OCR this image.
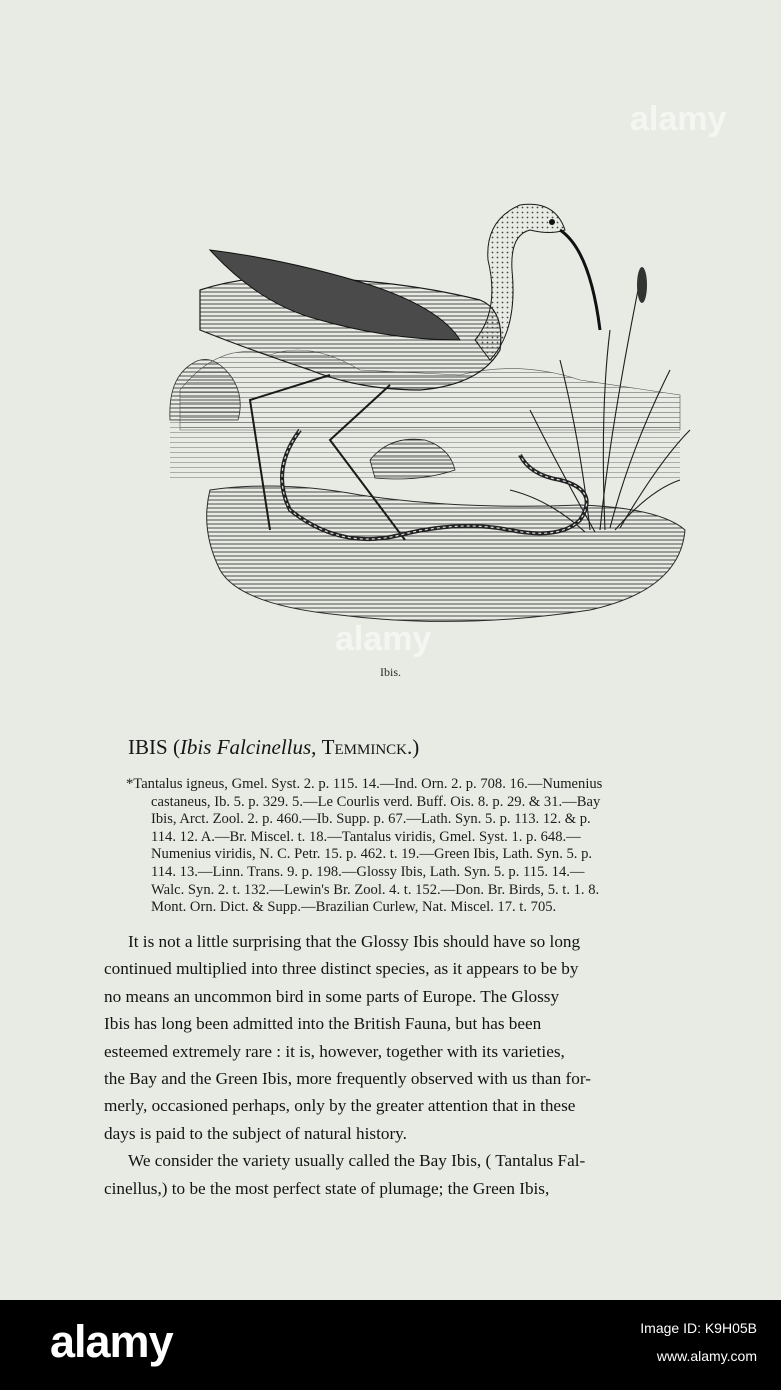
Ibis.
IBIS (Ibis Falcinellus, Temminck.)
*Tantalus igneus, Gmel. Syst. 2. p. 115. 14.—Ind. Orn. 2. p. 708. 16.—Numenius
castaneus, Ib. 5. p. 329. 5.—Le Courlis verd. Buff. Ois. 8. p. 29. & 31.—Bay
Ibis, Arct. Zool. 2. p. 460.—Ib. Supp. p. 67.—Lath. Syn. 5. p. 113. 12. & p.
114. 12. A.—Br. Miscel. t. 18.—Tantalus viridis, Gmel. Syst. 1. p. 648.—
Numenius viridis, N. C. Petr. 15. p. 462. t. 19.—Green Ibis, Lath. Syn. 5. p.
114. 13.—Linn. Trans. 9. p. 198.—Glossy Ibis, Lath. Syn. 5. p. 115. 14.—
Walc. Syn. 2. t. 132.—Lewin's Br. Zool. 4. t. 152.—Don. Br. Birds, 5. t. 1. 8.
Mont. Orn. Dict. & Supp.—Brazilian Curlew, Nat. Miscel. 17. t. 705.
It is not a little surprising that the Glossy Ibis should have so long
continued multiplied into three distinct species, as it appears to be by
no means an uncommon bird in some parts of Europe. The Glossy
Ibis has long been admitted into the British Fauna, but has been
esteemed extremely rare : it is, however, together with its varieties,
the Bay and the Green Ibis, more frequently observed with us than for-
merly, occasioned perhaps, only by the greater attention that in these
days is paid to the subject of natural history.
We consider the variety usually called the Bay Ibis, ( Tantalus Fal-
cinellus,) to be the most perfect state of plumage; the Green Ibis,
alamy
alamy
alamy	Image ID: K9H05B
www.alamy.com
